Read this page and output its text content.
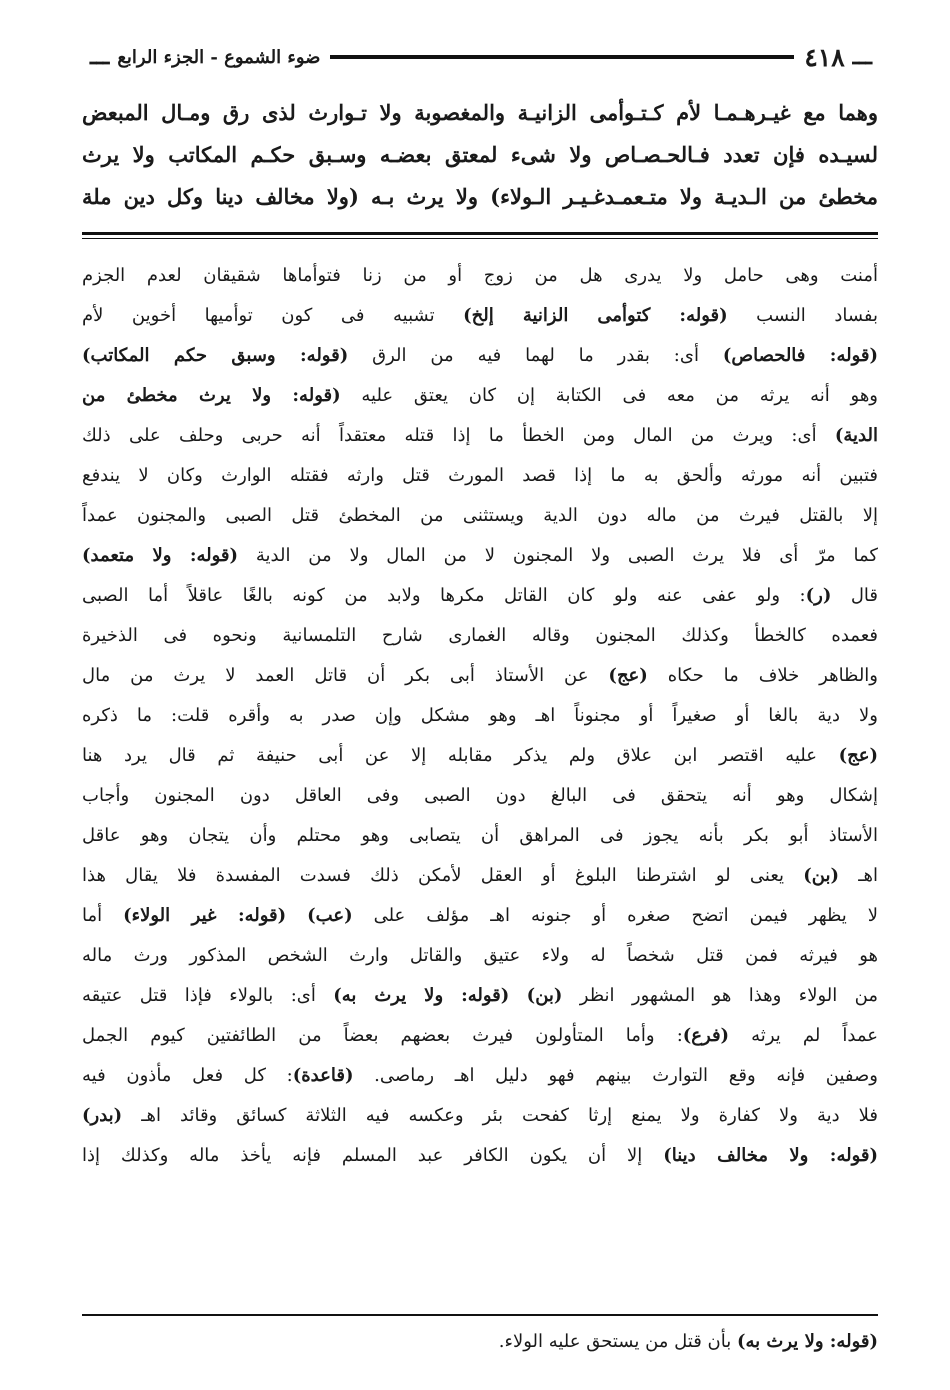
ـــ
٤١٨
ضوء الشموع - الجزء الرابع
ـــ
وهما مع غيـرهـمـا لأم كـتـوأمى الزانيـة والمغصوبة ولا تـوارث لذى رق ومـال المبعض
لسيـده فإن تعدد فـالحـصـاص ولا شىء لمعتق بعضـه وسـبق حكـم المكاتب ولا يرث
مخطئ من الـديـة ولا متـعمـدغـيـر الـولاء) ولا يرث بـه (ولا مخالف دينا وكل دين ملة
أمنت وهى حامل ولا يدرى هل من زوج أو من زنا فتوأماها شقيقان لعدم الجزم
بفساد النسب (قوله: كتوأمى الزانية إلخ) تشبيه فى كون توأميها أخوين لأم
(قوله: فالحصاص) أى: بقدر ما لهما فيه من الرق (قوله: وسبق حكم المكاتب)
وهو أنه يرثه من معه فى الكتابة إن كان يعتق عليه (قوله: ولا يرث مخطئ من
الدية) أى: ويرث من المال ومن الخطأ ما إذا قتله معتقداً أنه حربى وحلف على ذلك
فتبين أنه مورثه وألحق به ما إذا قصد المورث قتل وارثه فقتله الوارث وكان لا يندفع
إلا بالقتل فيرث من ماله دون الدية ويستثنى من المخطئ قتل الصبى والمجنون عمداً
كما مرّ أى فلا يرث الصبى ولا المجنون لا من المال ولا من الدية (قوله: ولا متعمد)
قال (ر): ولو عفى عنه ولو كان القاتل مكرها ولابد من كونه بالغًا عاقلاً أما الصبى
فعمده كالخطأ وكذلك المجنون وقاله الغمارى شارح التلمسانية ونحوه فى الذخيرة
والظاهر خلاف ما حكاه (عج) عن الأستاذ أبى بكر أن قاتل العمد لا يرث من مال
ولا دية بالغا أو صغيراً أو مجنوناً اهـ وهو مشكل وإن صدر به وأقره قلت: ما ذكره
(عج) عليه اقتصر ابن علاق ولم يذكر مقابله إلا عن أبى حنيفة ثم قال يرد هنا
إشكال وهو أنه يتحقق فى البالغ دون الصبى وفى العاقل دون المجنون وأجاب
الأستاذ أبو بكر بأنه يجوز فى المراهق أن يتصابى وهو محتلم وأن يتجان وهو عاقل
اهـ (بن) يعنى لو اشترطنا البلوغ أو العقل لأمكن ذلك فسدت المفسدة فلا يقال هذا
لا يظهر فيمن اتضح صغره أو جنونه اهـ مؤلف على (عب) (قوله: غير الولاء) أما
هو فيرثه فمن قتل شخصاً له ولاء عتيق والقاتل وارث الشخص المذكور ورث ماله
من الولاء وهذا هو المشهور انظر (بن) (قوله: ولا يرث به) أى: بالولاء فإذا قتل عتيقه
عمداً لم يرثه (فرع): وأما المتأولون فيرث بعضهم بعضاً من الطائفتين كيوم الجمل
وصفين فإنه وقع التوارث بينهم فهو دليل اهـ رماصى. (قاعدة): كل فعل مأذون فيه
فلا دية ولا كفارة ولا يمنع إرثا كفحت بئر وعكسه فيه الثلاثة كسائق وقائد اهـ (بدر)
(قوله: ولا مخالف دينا) إلا أن يكون الكافر عبد المسلم فإنه يأخذ ماله وكذلك إذا
(قوله: ولا يرث به) بأن قتل من يستحق عليه الولاء.
